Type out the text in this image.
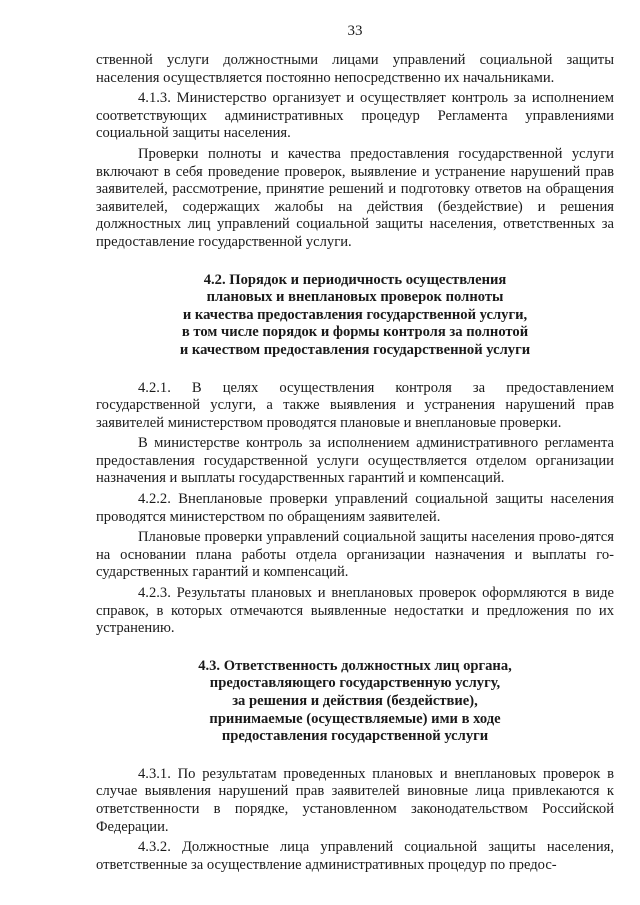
33

ственной услуги должностными лицами управлений социальной защиты населения осуществляется постоянно непосредственно их начальниками.

4.1.3. Министерство организует и осуществляет контроль за исполнением соответствующих административных процедур Регламента управлениями социальной защиты населения.

Проверки полноты и качества предоставления государственной услуги включают в себя проведение проверок, выявление и устранение нарушений прав заявителей, рассмотрение, принятие решений и подготовку ответов на обращения заявителей, содержащих жалобы на действия (бездействие) и решения должностных лиц управлений социальной защиты населения, ответственных за предоставление государственной услуги.

4.2. Порядок и периодичность осуществления
плановых и внеплановых проверок полноты
и качества предоставления государственной услуги,
в том числе порядок и формы контроля за полнотой
и качеством предоставления государственной услуги

4.2.1. В целях осуществления контроля за предоставлением государственной услуги, а также выявления и устранения нарушений прав заявителей министерством проводятся плановые и внеплановые проверки.

В министерстве контроль за исполнением административного регламента предоставления государственной услуги осуществляется отделом организации назначения и выплаты государственных гарантий и компенсаций.

4.2.2. Внеплановые проверки управлений социальной защиты населения проводятся министерством по обращениям заявителей.

Плановые проверки управлений социальной защиты населения прово-дятся на основании плана работы отдела организации назначения и выплаты го-сударственных гарантий и компенсаций.

4.2.3. Результаты плановых и внеплановых проверок оформляются в виде справок, в которых отмечаются выявленные недостатки и предложения по их устранению.

4.3. Ответственность должностных лиц органа,
предоставляющего государственную услугу,
за решения и действия (бездействие),
принимаемые (осуществляемые) ими в ходе
предоставления государственной услуги

4.3.1. По результатам проведенных плановых и внеплановых проверок в случае выявления нарушений прав заявителей виновные лица привлекаются к ответственности в порядке, установленном законодательством Российской Федерации.

4.3.2. Должностные лица управлений социальной защиты населения, ответственные за осуществление административных процедур по предос-
